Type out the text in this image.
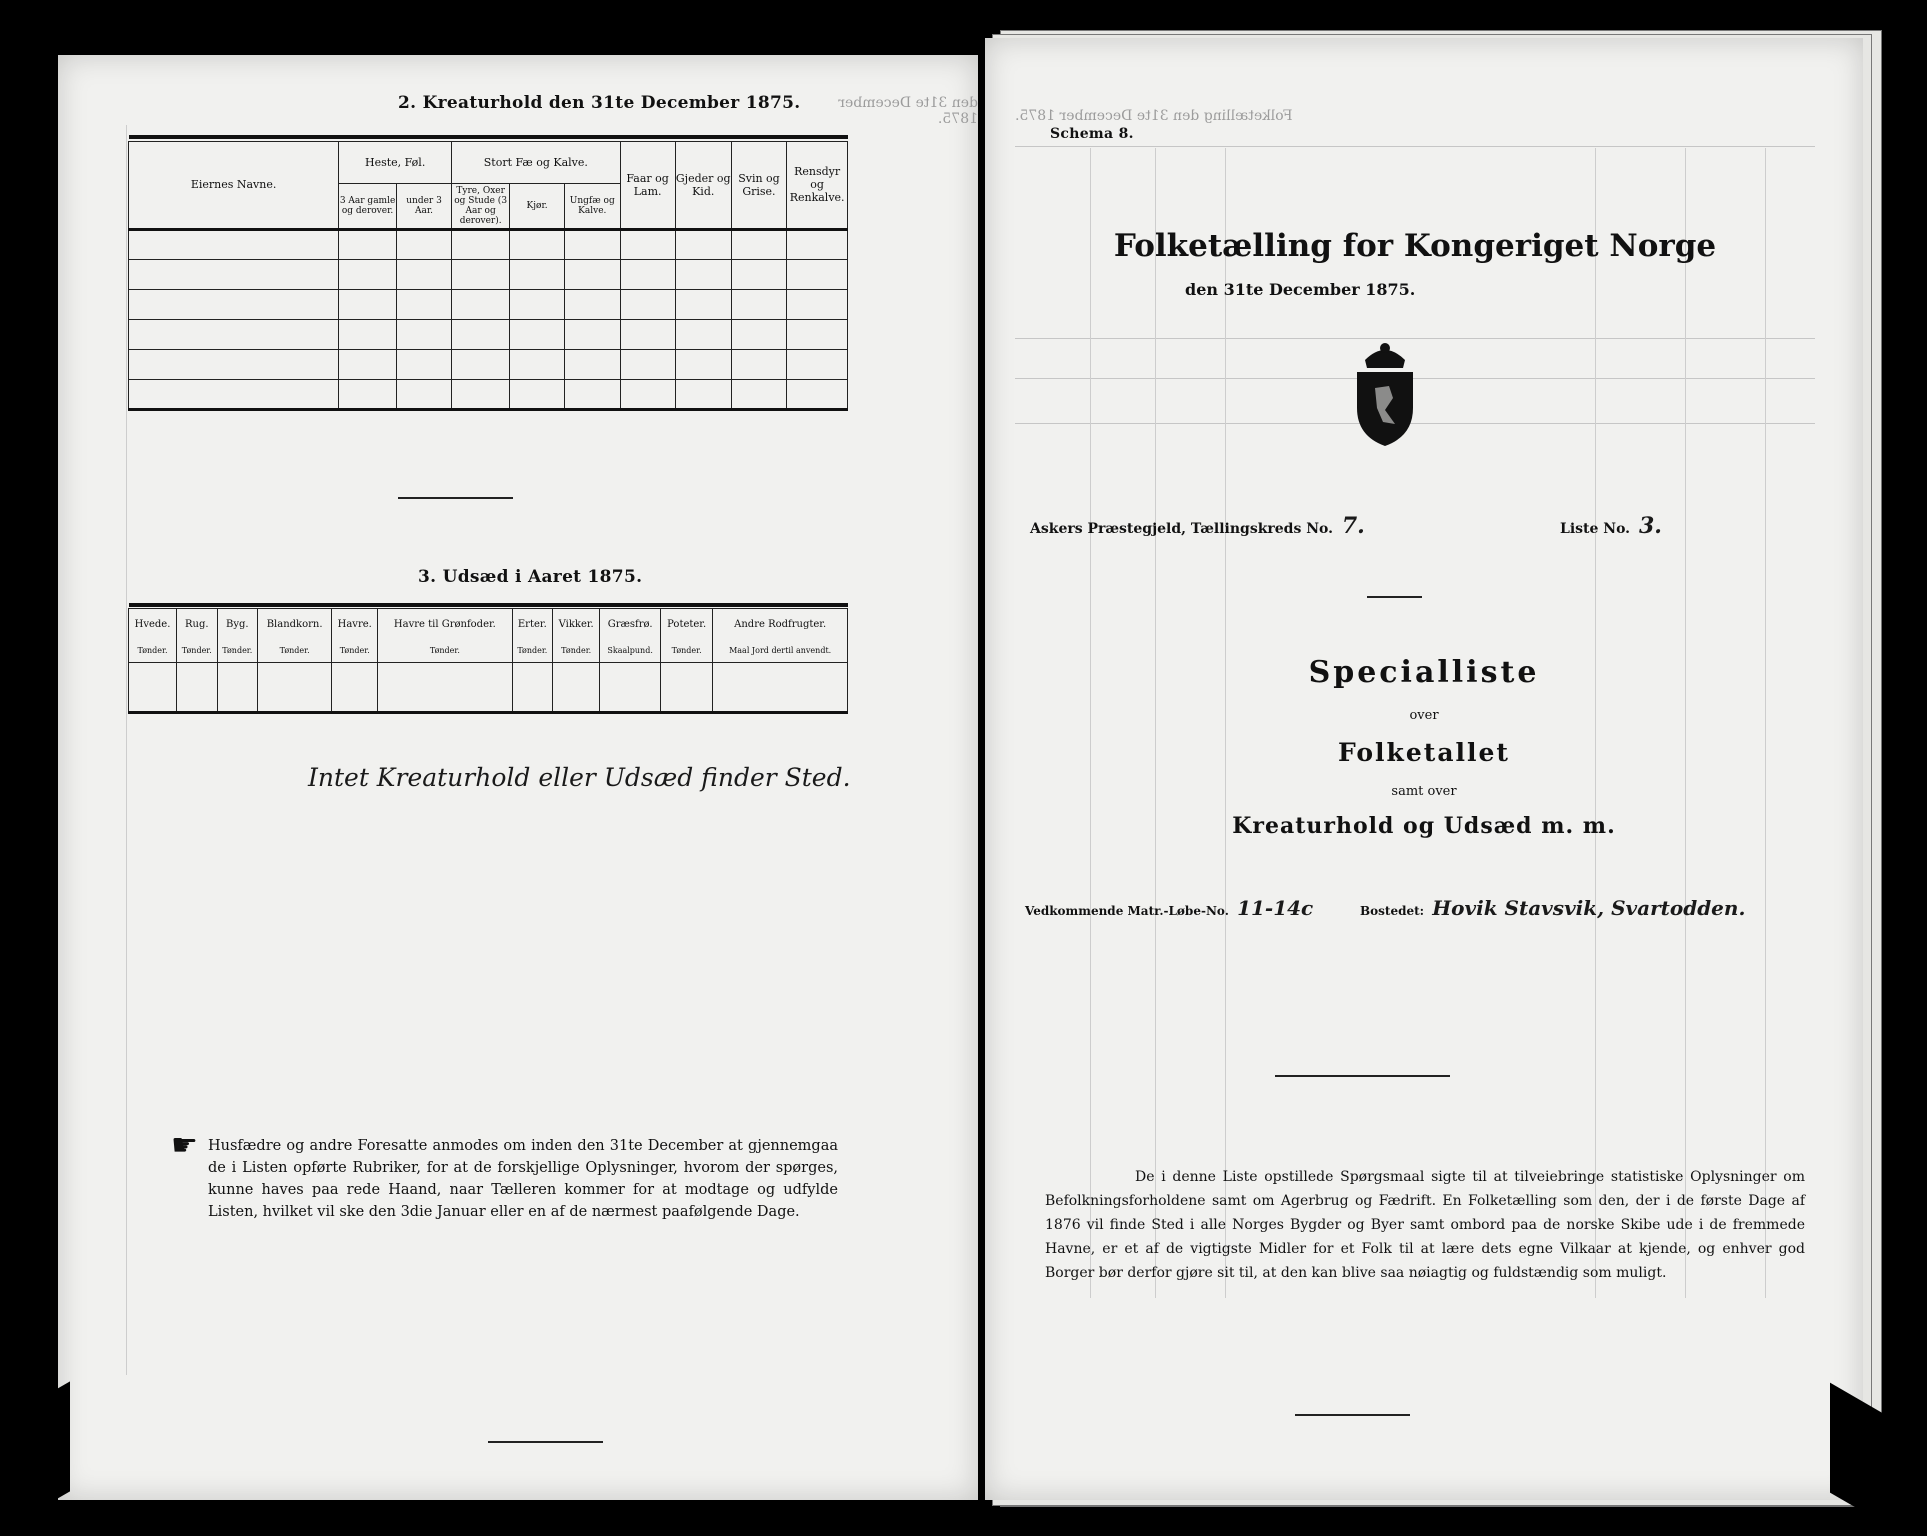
den 31te December 1875.
2. Kreaturhold den 31te December 1875.

Eiernes Navne.	Heste, Føl.		Stort Fæ og Kalve.			Faar og Lam.	Gjeder og Kid.	Svin og Grise.	Rensdyr og Renkalve.
	3 Aar gamle og derover.	under 3 Aar.	Tyre, Oxer og Stude (3 Aar og derover).	Kjør.	Ungfæ og Kalve.				

3. Udsæd i Aaret 1875.

Hvede.	Rug.	Byg.	Blandkorn.	Havre.	Havre til Grønfoder.	Erter.	Vikker.	Græsfrø.	Poteter.	Andre Rodfrugter.
Tønder.	Tønder.	Tønder.	Tønder.	Tønder.	Tønder.	Tønder.	Tønder.	Skaalpund.	Tønder.	Maal Jord dertil anvendt.

Intet Kreaturhold eller Udsæd finder Sted.
☛ Husfædre og andre Foresatte anmodes om inden den 31te December at gjennemgaa de i Listen opførte Rubriker, for at de forskjellige Oplysninger, hvorom der spørges, kunne haves paa rede Haand, naar Tælleren kommer for at modtage og udfylde Listen, hvilket vil ske den 3die Januar eller en af de nærmest paafølgende Dage.
Folketælling den 31te December 1875.
Schema 8.
Folketælling for Kongeriget Norge
den 31te December 1875.
Askers Præstegjeld, Tællingskreds No. 7.	Liste No. 3.
Specialliste
over
Folketallet
samt over
Kreaturhold og Udsæd m. m.
Vedkommende Matr.-Løbe-No. 11-14c	Bostedet: Hovik Stavsvik, Svartodden.
De i denne Liste opstillede Spørgsmaal sigte til at tilveiebringe statistiske Oplysninger om Befolkningsforholdene samt om Agerbrug og Fædrift. En Folketælling som den, der i de første Dage af 1876 vil finde Sted i alle Norges Bygder og Byer samt ombord paa de norske Skibe ude i de fremmede Havne, er et af de vigtigste Midler for et Folk til at lære dets egne Vilkaar at kjende, og enhver god Borger bør derfor gjøre sit til, at den kan blive saa nøiagtig og fuldstændig som muligt.
